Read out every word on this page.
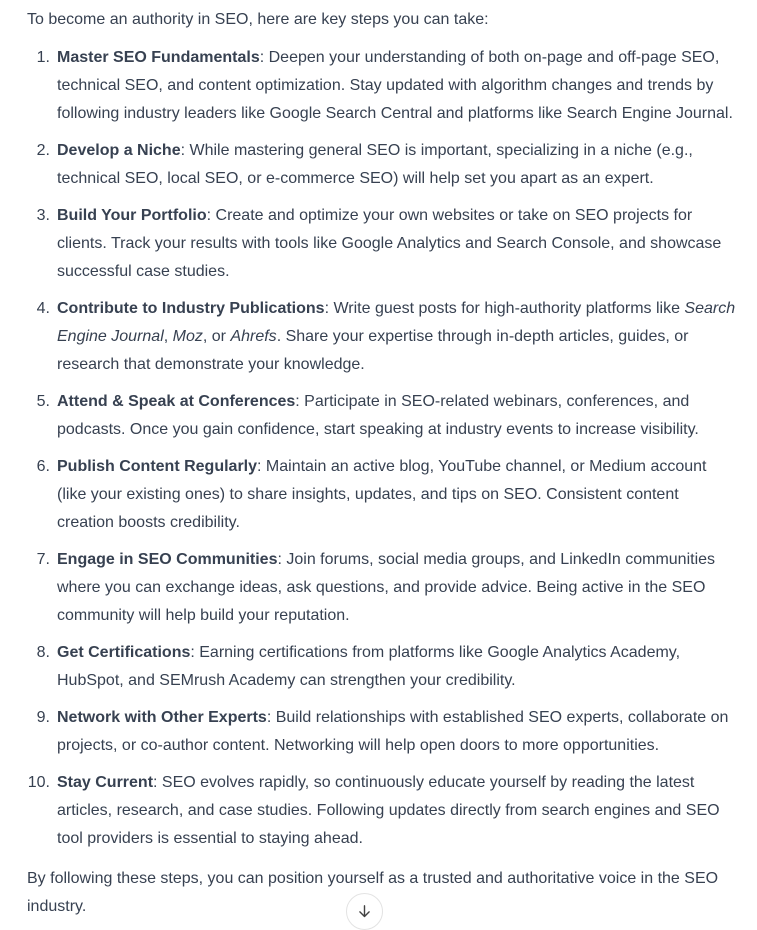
To become an authority in SEO, here are key steps you can take:

1. Master SEO Fundamentals: Deepen your understanding of both on-page and off-page SEO, technical SEO, and content optimization. Stay updated with algorithm changes and trends by following industry leaders like Google Search Central and platforms like Search Engine Journal.
2. Develop a Niche: While mastering general SEO is important, specializing in a niche (e.g., technical SEO, local SEO, or e-commerce SEO) will help set you apart as an expert.
3. Build Your Portfolio: Create and optimize your own websites or take on SEO projects for clients. Track your results with tools like Google Analytics and Search Console, and showcase successful case studies.
4. Contribute to Industry Publications: Write guest posts for high-authority platforms like Search Engine Journal, Moz, or Ahrefs. Share your expertise through in-depth articles, guides, or research that demonstrate your knowledge.
5. Attend & Speak at Conferences: Participate in SEO-related webinars, conferences, and podcasts. Once you gain confidence, start speaking at industry events to increase visibility.
6. Publish Content Regularly: Maintain an active blog, YouTube channel, or Medium account (like your existing ones) to share insights, updates, and tips on SEO. Consistent content creation boosts credibility.
7. Engage in SEO Communities: Join forums, social media groups, and LinkedIn communities where you can exchange ideas, ask questions, and provide advice. Being active in the SEO community will help build your reputation.
8. Get Certifications: Earning certifications from platforms like Google Analytics Academy, HubSpot, and SEMrush Academy can strengthen your credibility.
9. Network with Other Experts: Build relationships with established SEO experts, collaborate on projects, or co-author content. Networking will help open doors to more opportunities.
10. Stay Current: SEO evolves rapidly, so continuously educate yourself by reading the latest articles, research, and case studies. Following updates directly from search engines and SEO tool providers is essential to staying ahead.

By following these steps, you can position yourself as a trusted and authoritative voice in the SEO industry.
